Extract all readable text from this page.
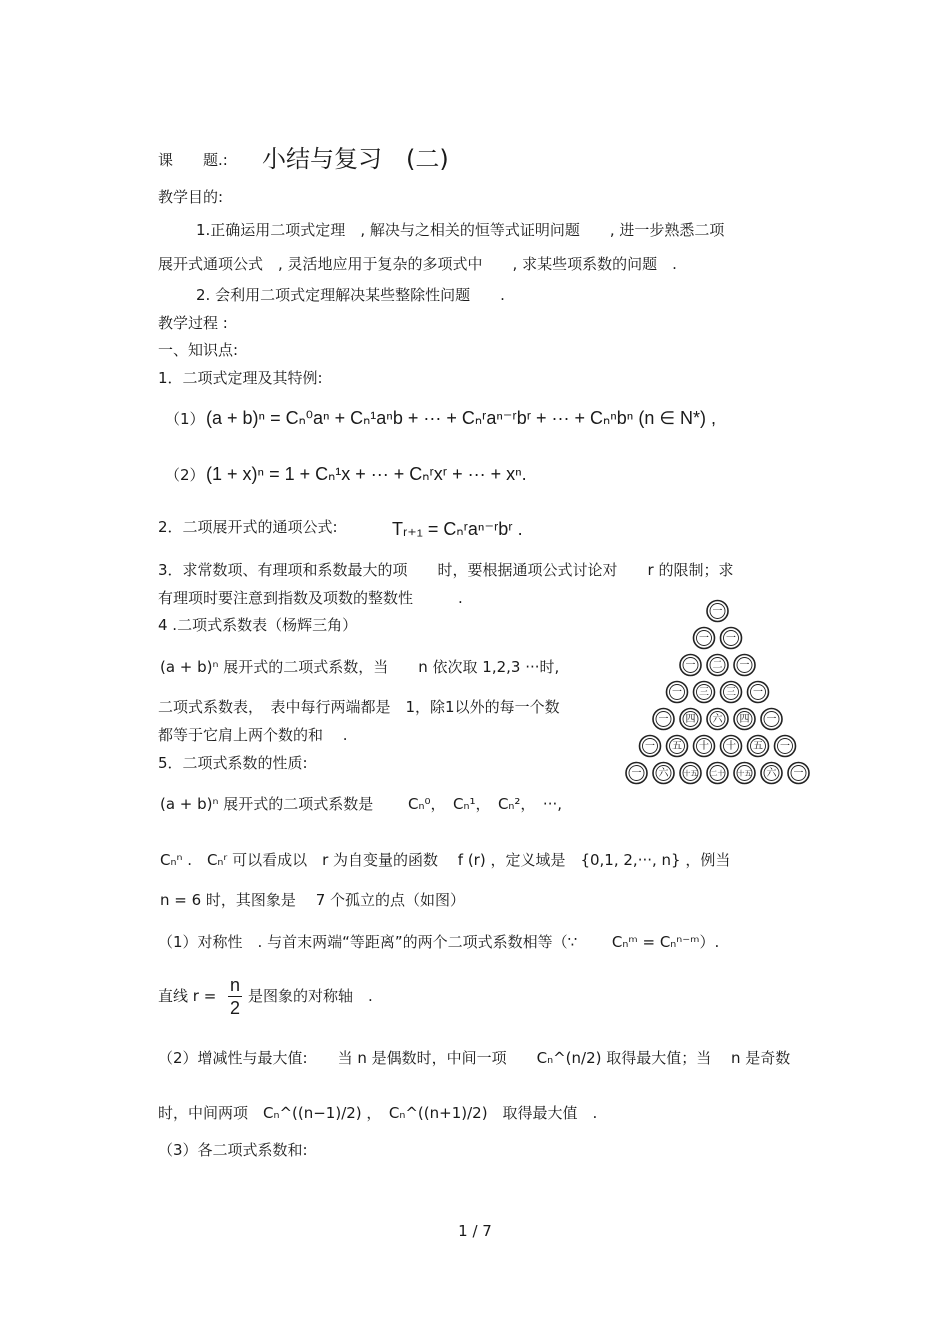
课　　题.: 小结与复习　(二)
教学目的:
1.正确运用二项式定理　, 解决与之相关的恒等式证明问题　　, 进一步熟悉二项
展开式通项公式　, 灵活地应用于复杂的多项式中　　, 求某些项系数的问题　.
2. 会利用二项式定理解决某些整除性问题　　.
教学过程 :
一、知识点:
1．二项式定理及其特例:
（1） (a + b)ⁿ = Cₙ⁰aⁿ + Cₙ¹aⁿb + ··· + Cₙʳaⁿ⁻ʳbʳ + ··· + Cₙⁿbⁿ (n ∈ N*) ,
（2） (1 + x)ⁿ = 1 + Cₙ¹x + ··· + Cₙʳxʳ + ··· + xⁿ.
2．二项展开式的通项公式:	Tᵣ₊₁ = Cₙʳaⁿ⁻ʳbʳ .
3．求常数项、有理项和系数最大的项　　时，要根据通项公式讨论对　　r 的限制；求
有理项时要注意到指数及项数的整数性　　　.
4 .二项式系数表（杨辉三角）
(a + b)ⁿ 展开式的二项式系数，当　　n 依次取 1,2,3 ···时,
二项式系数表，　表中每行两端都是　1，除1以外的每一个数
都等于它肩上两个数的和　 .
一
一 一
一 二 一
一 三 三 一
一 四 六 四 一
一 五 十 十 五 一
一 六 十五 二十 十五 六 一
5．二项式系数的性质:
(a + b)ⁿ 展开式的二项式系数是　　 Cₙ⁰，　Cₙ¹，　Cₙ²，　···,
Cₙⁿ .　Cₙʳ 可以看成以　r 为自变量的函数　 f (r) ，定义域是　{0,1, 2,···, n} ，例当
n = 6 时，其图象是　 7 个孤立的点（如图）
（1）对称性　. 与首末两端“等距离”的两个二项式系数相等（∵　　 Cₙᵐ = Cₙⁿ⁻ᵐ）.
直线 $r = \frac{n}{2}$ 是图象的对称轴　.
（2）增减性与最大值:　　当 n 是偶数时，中间一项　　Cₙ^(n/2) 取得最大值；当　 n 是奇数
时，中间两项　Cₙ^((n−1)/2) ，　Cₙ^((n+1)/2)　取得最大值　.
（3）各二项式系数和:
1 / 7
